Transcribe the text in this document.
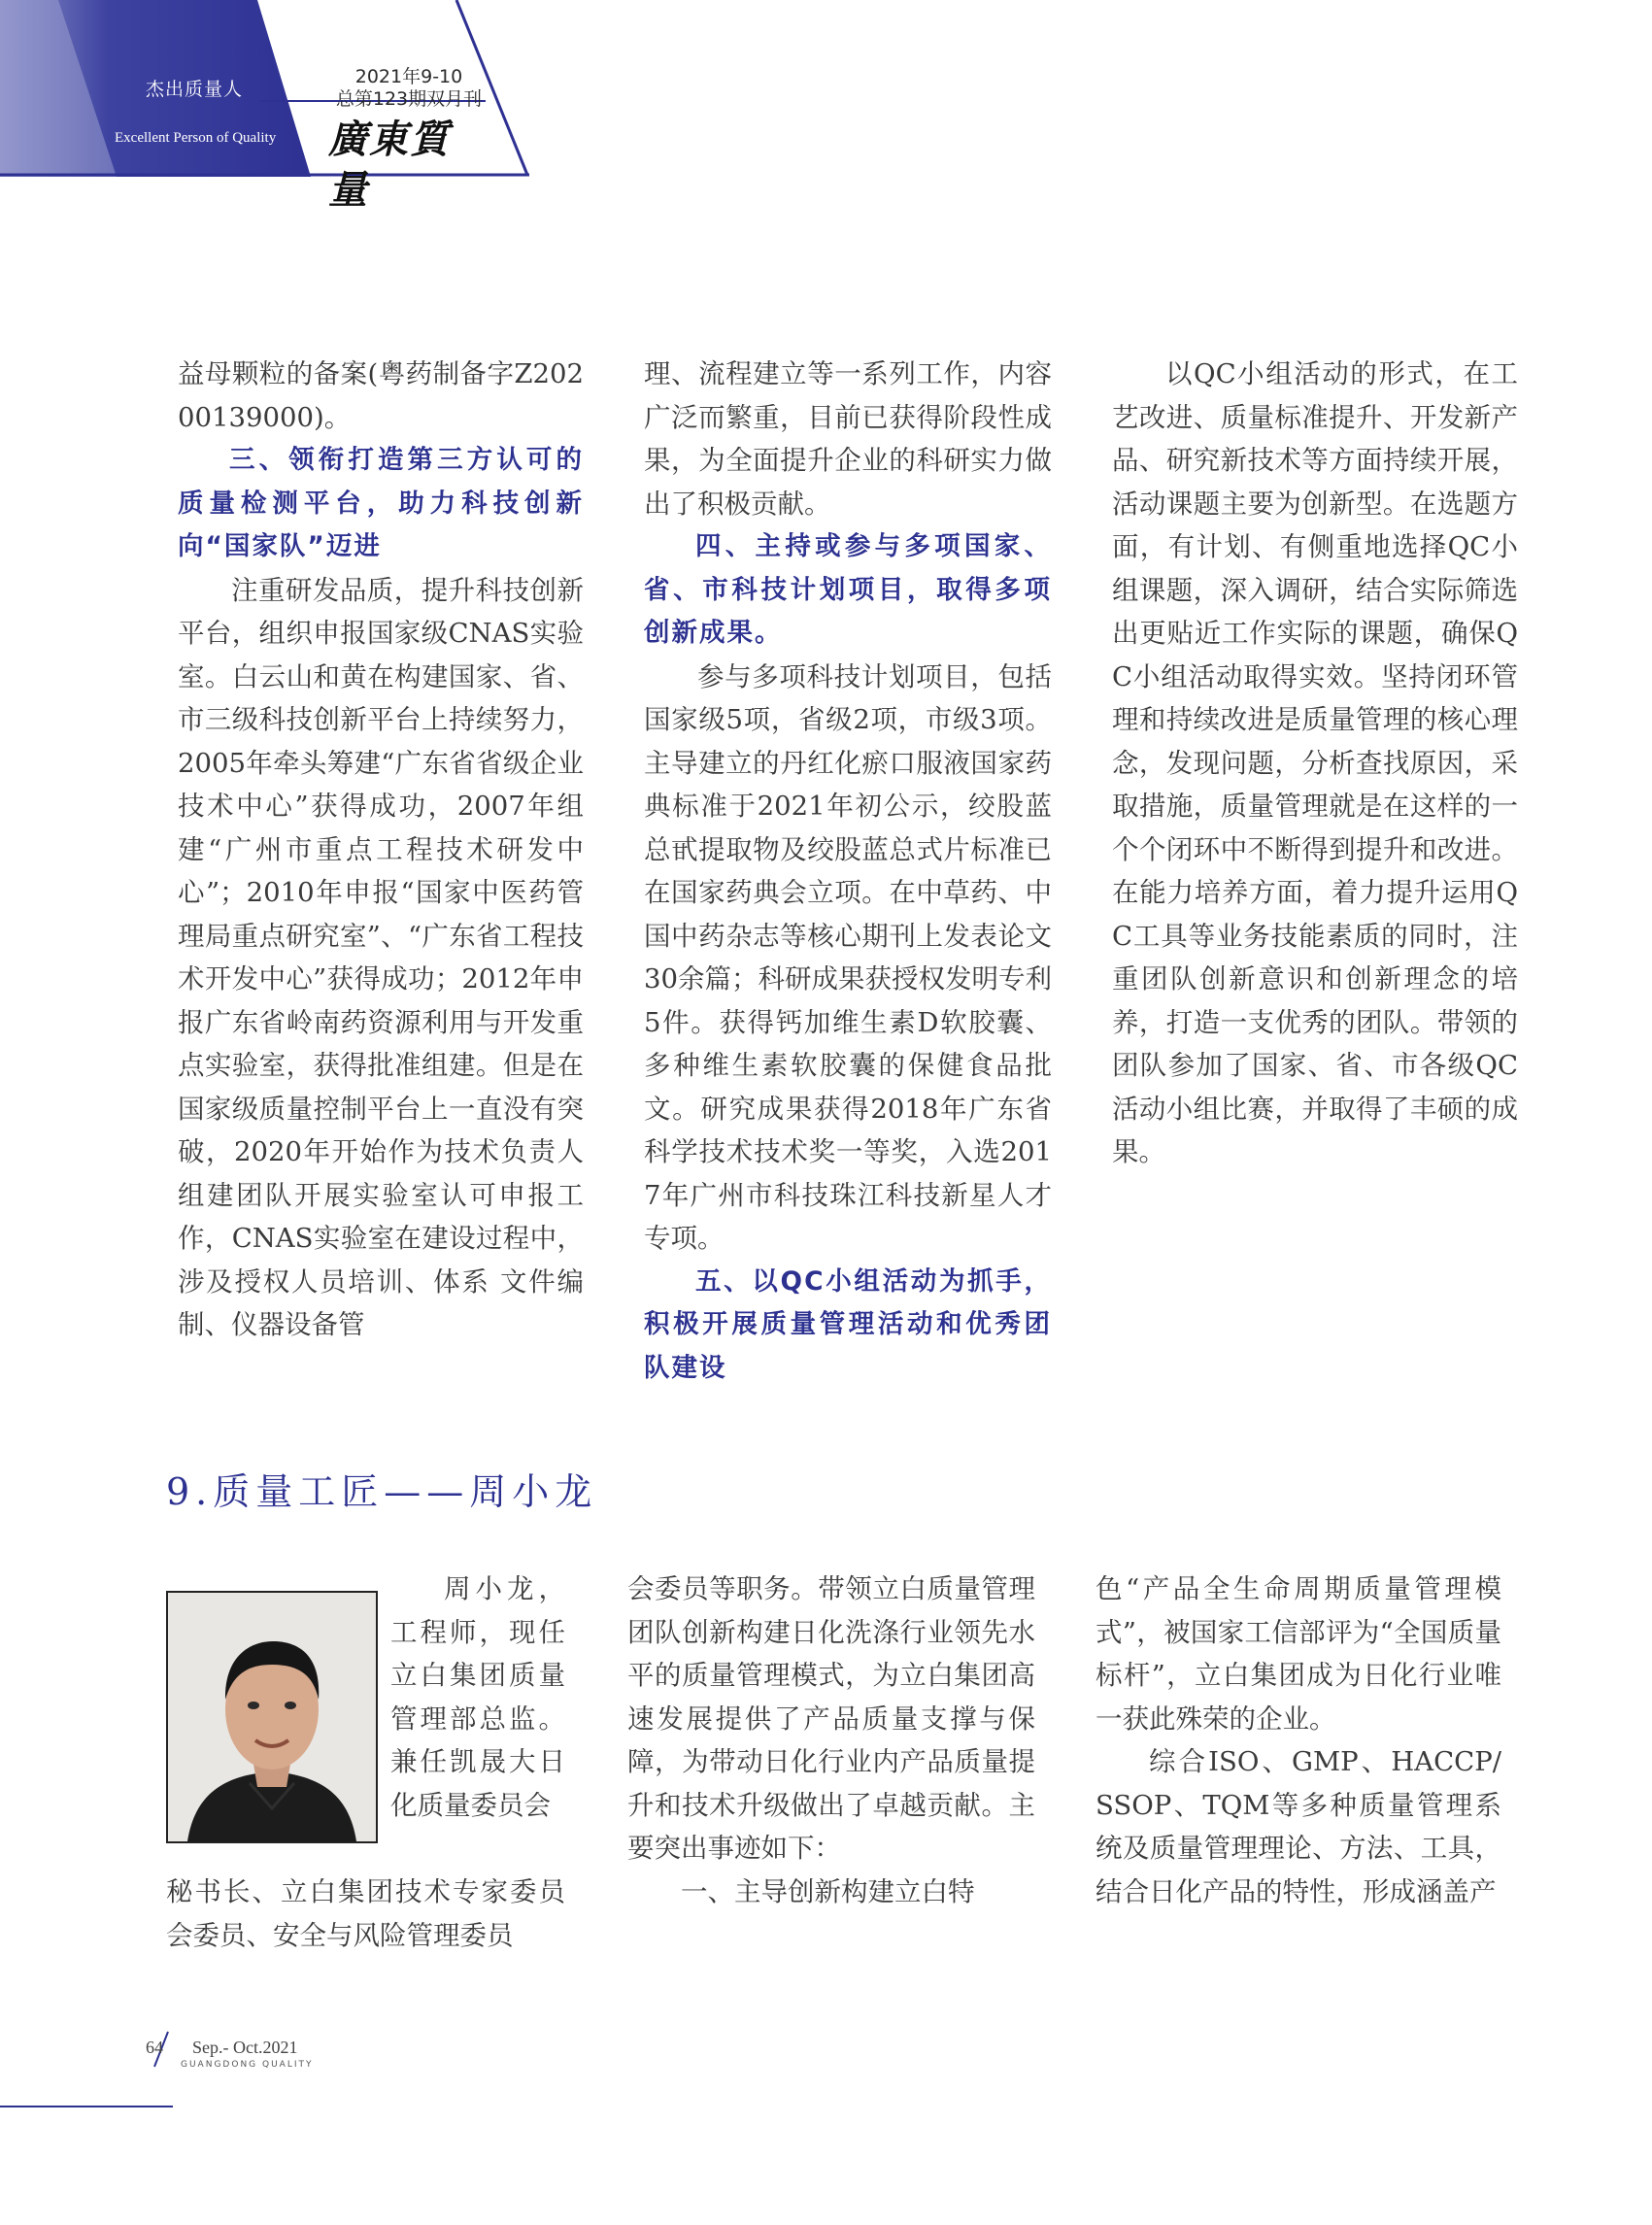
杰出质量人
Excellent Person of Quality
2021年9-10
总第123期双月刊
廣東質量

益母颗粒的备案(粤药制备字Z20200139000)。

三、领衔打造第三方认可的质量检测平台，助力科技创新向“国家队”迈进

注重研发品质，提升科技创新平台，组织申报国家级CNAS实验室。白云山和黄在构建国家、省、市三级科技创新平台上持续努力，2005年牵头筹建“广东省省级企业技术中心”获得成功，2007年组建“广州市重点工程技术研发中心”；2010年申报“国家中医药管理局重点研究室”、“广东省工程技术开发中心”获得成功；2012年申报广东省岭南药资源利用与开发重点实验室，获得批准组建。但是在国家级质量控制平台上一直没有突破，2020年开始作为技术负责人组建团队开展实验室认可申报工作，CNAS实验室在建设过程中，涉及授权人员培训、体系 文件编制、仪器设备管

理、流程建立等一系列工作，内容广泛而繁重，目前已获得阶段性成果，为全面提升企业的科研实力做出了积极贡献。

四、主持或参与多项国家、省、市科技计划项目，取得多项创新成果。

参与多项科技计划项目，包括国家级5项，省级2项，市级3项。主导建立的丹红化瘀口服液国家药典标准于2021年初公示，绞股蓝总甙提取物及绞股蓝总式片标准已在国家药典会立项。在中草药、中国中药杂志等核心期刊上发表论文30余篇；科研成果获授权发明专利5件。获得钙加维生素D软胶囊、多种维生素软胶囊的保健食品批文。研究成果获得2018年广东省科学技术技术奖一等奖，入选2017年广州市科技珠江科技新星人才专项。

五、以QC小组活动为抓手，积极开展质量管理活动和优秀团队建设

以QC小组活动的形式，在工艺改进、质量标准提升、开发新产品、研究新技术等方面持续开展，活动课题主要为创新型。在选题方面，有计划、有侧重地选择QC小组课题，深入调研，结合实际筛选出更贴近工作实际的课题，确保QC小组活动取得实效。坚持闭环管理和持续改进是质量管理的核心理念，发现问题，分析查找原因，采取措施，质量管理就是在这样的一个个闭环中不断得到提升和改进。在能力培养方面，着力提升运用QC工具等业务技能素质的同时，注重团队创新意识和创新理念的培养，打造一支优秀的团队。带领的团队参加了国家、省、市各级QC活动小组比赛，并取得了丰硕的成果。

9.质量工匠——周小龙

周小龙，工程师，现任立白集团质量管理部总监。兼任凯晟大日化质量委员会

秘书长、立白集团技术专家委员会委员、安全与风险管理委员

会委员等职务。带领立白质量管理团队创新构建日化洗涤行业领先水平的质量管理模式，为立白集团高速发展提供了产品质量支撑与保障，为带动日化行业内产品质量提升和技术升级做出了卓越贡献。主要突出事迹如下：

一、主导创新构建立白特

色“产品全生命周期质量管理模式”，被国家工信部评为“全国质量标杆”，立白集团成为日化行业唯一获此殊荣的企业。

综合ISO、GMP、HACCP/SSOP、TQM等多种质量管理系统及质量管理理论、方法、工具，结合日化产品的特性，形成涵盖产

64	Sep.- Oct.2021
GUANGDONG QUALITY
